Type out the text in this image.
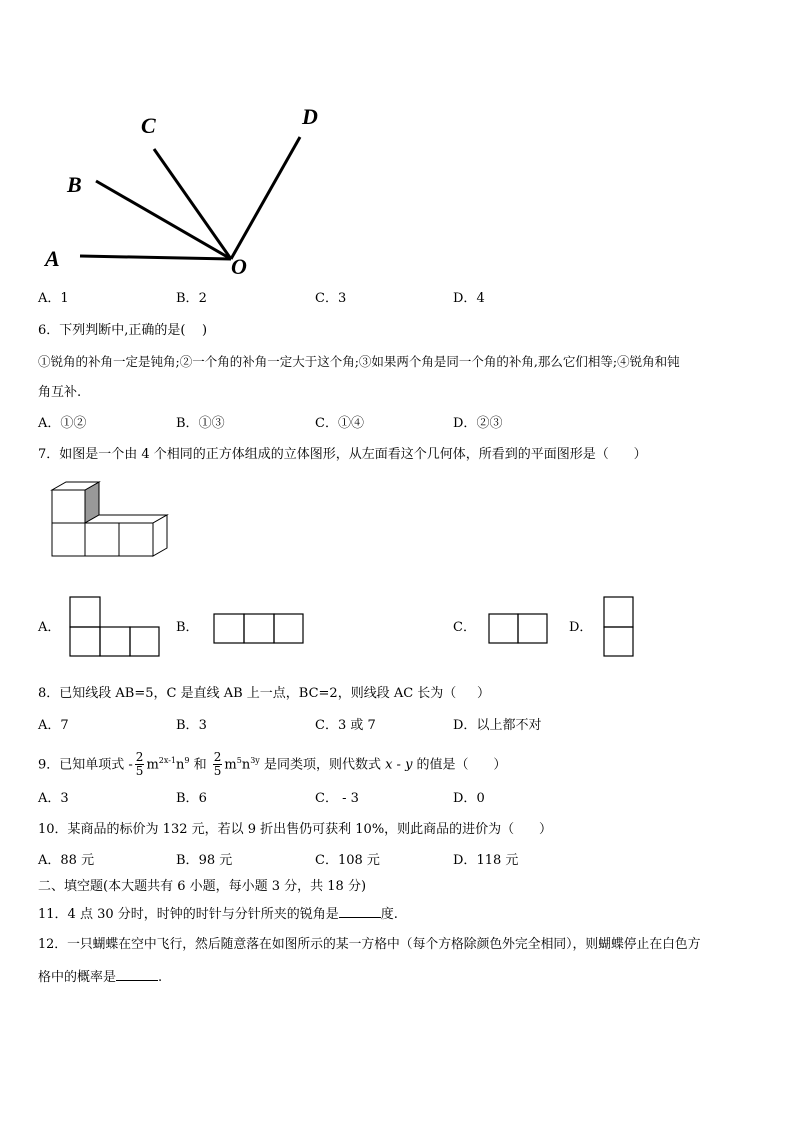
A
B
C	D
O
A．1	B．2	C．3	D．4
6．下列判断中,正确的是(    )
①锐角的补角一定是钝角;②一个角的补角一定大于这个角;③如果两个角是同一个角的补角,那么它们相等;④锐角和钝
角互补.
A．①②	B．①③	C．①④	D．②③
7．如图是一个由 4 个相同的正方体组成的立体图形，从左面看这个几何体，所看到的平面图形是（      ）
A．	B．	C．	D．
8．已知线段 AB=5，C 是直线 AB 上一点，BC=2，则线段 AC 长为（     ）
A．7	B．3	C．3 或 7	D．以上都不对
9．已知单项式 - $\frac{2}{5} m^{2x-1}n^9$ 和 $\frac{2}{5} m^5n^{3y}$ 是同类项，则代数式 x - y 的值是（      ）
A．3	B．6	C． - 3	D．0
10．某商品的标价为 132 元，若以 9 折出售仍可获利 10%，则此商品的进价为（      ）
A．88 元	B．98 元	C．108 元	D．118 元
二、填空题(本大题共有 6 小题，每小题 3 分，共 18 分)
11．4 点 30 分时，时钟的时针与分针所夹的锐角是	度.
12．一只蝴蝶在空中飞行，然后随意落在如图所示的某一方格中（每个方格除颜色外完全相同），则蝴蝶停止在白色方
格中的概率是	.
